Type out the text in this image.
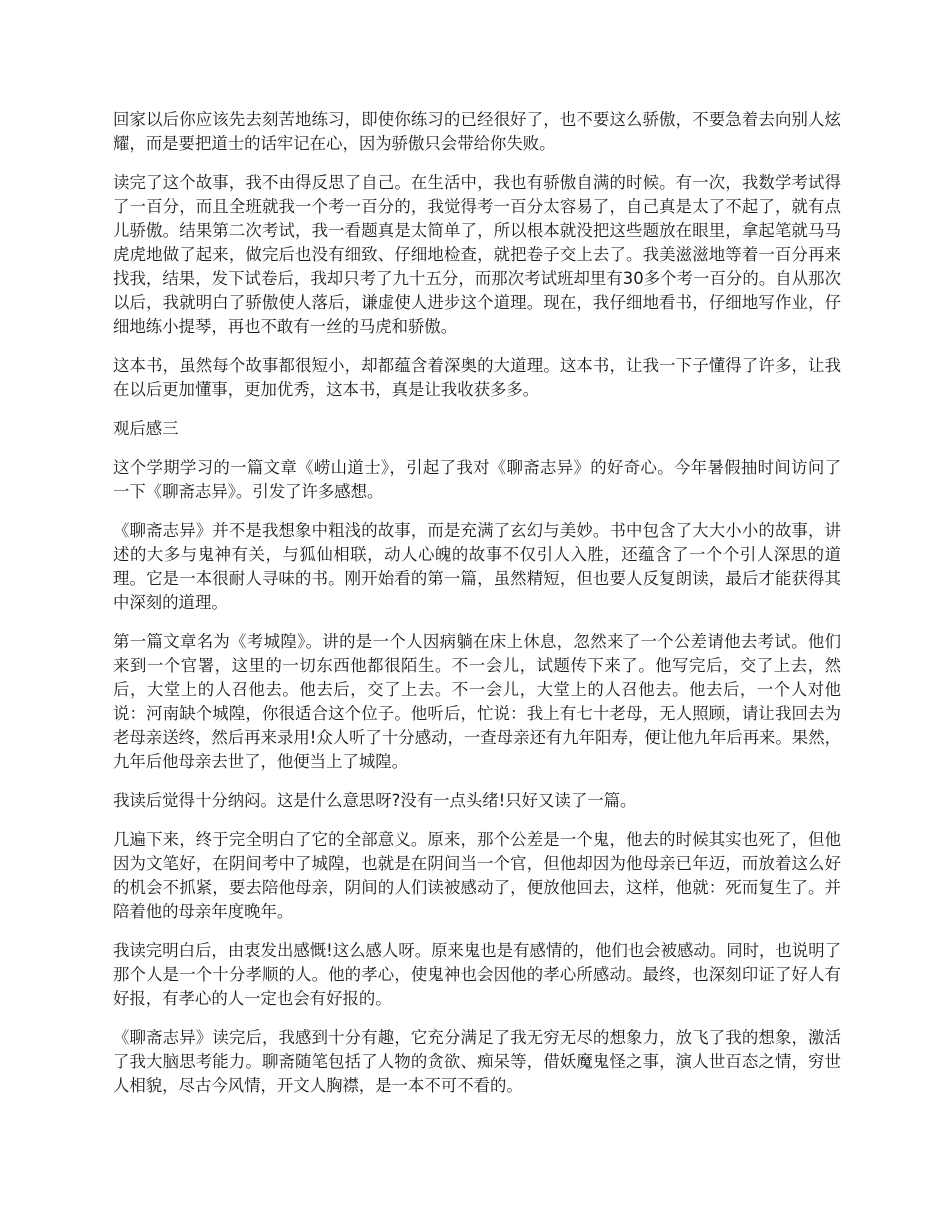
回家以后你应该先去刻苦地练习，即使你练习的已经很好了，也不要这么骄傲，不要急着去向别人炫耀，而是要把道士的话牢记在心，因为骄傲只会带给你失败。

读完了这个故事，我不由得反思了自己。在生活中，我也有骄傲自满的时候。有一次，我数学考试得了一百分，而且全班就我一个考一百分的，我觉得考一百分太容易了，自己真是太了不起了，就有点儿骄傲。结果第二次考试，我一看题真是太简单了，所以根本就没把这些题放在眼里，拿起笔就马马虎虎地做了起来，做完后也没有细致、仔细地检查，就把卷子交上去了。我美滋滋地等着一百分再来找我，结果，发下试卷后，我却只考了九十五分，而那次考试班却里有30多个考一百分的。自从那次以后，我就明白了骄傲使人落后，谦虚使人进步这个道理。现在，我仔细地看书，仔细地写作业，仔细地练小提琴，再也不敢有一丝的马虎和骄傲。

这本书，虽然每个故事都很短小，却都蕴含着深奥的大道理。这本书，让我一下子懂得了许多，让我在以后更加懂事，更加优秀，这本书，真是让我收获多多。

观后感三

这个学期学习的一篇文章《崂山道士》，引起了我对《聊斋志异》的好奇心。今年暑假抽时间访问了一下《聊斋志异》。引发了许多感想。

《聊斋志异》并不是我想象中粗浅的故事，而是充满了玄幻与美妙。书中包含了大大小小的故事，讲述的大多与鬼神有关，与狐仙相联，动人心魄的故事不仅引人入胜，还蕴含了一个个引人深思的道理。它是一本很耐人寻味的书。刚开始看的第一篇，虽然精短，但也要人反复朗读，最后才能获得其中深刻的道理。

第一篇文章名为《考城隍》。讲的是一个人因病躺在床上休息，忽然来了一个公差请他去考试。他们来到一个官署，这里的一切东西他都很陌生。不一会儿，试题传下来了。他写完后，交了上去，然后，大堂上的人召他去。他去后，交了上去。不一会儿，大堂上的人召他去。他去后，一个人对他说：河南缺个城隍，你很适合这个位子。他听后，忙说：我上有七十老母，无人照顾，请让我回去为老母亲送终，然后再来录用!众人听了十分感动，一查母亲还有九年阳寿，便让他九年后再来。果然，九年后他母亲去世了，他便当上了城隍。

我读后觉得十分纳闷。这是什么意思呀?没有一点头绪!只好又读了一篇。

几遍下来，终于完全明白了它的全部意义。原来，那个公差是一个鬼，他去的时候其实也死了，但他因为文笔好，在阴间考中了城隍，也就是在阴间当一个官，但他却因为他母亲已年迈，而放着这么好的机会不抓紧，要去陪他母亲，阴间的人们读被感动了，便放他回去，这样，他就：死而复生了。并陪着他的母亲年度晚年。

我读完明白后，由衷发出感慨!这么感人呀。原来鬼也是有感情的，他们也会被感动。同时，也说明了那个人是一个十分孝顺的人。他的孝心，使鬼神也会因他的孝心所感动。最终，也深刻印证了好人有好报，有孝心的人一定也会有好报的。

《聊斋志异》读完后，我感到十分有趣，它充分满足了我无穷无尽的想象力，放飞了我的想象，激活了我大脑思考能力。聊斋随笔包括了人物的贪欲、痴呆等，借妖魔鬼怪之事，演人世百态之情，穷世人相貌，尽古今风情，开文人胸襟，是一本不可不看的。
